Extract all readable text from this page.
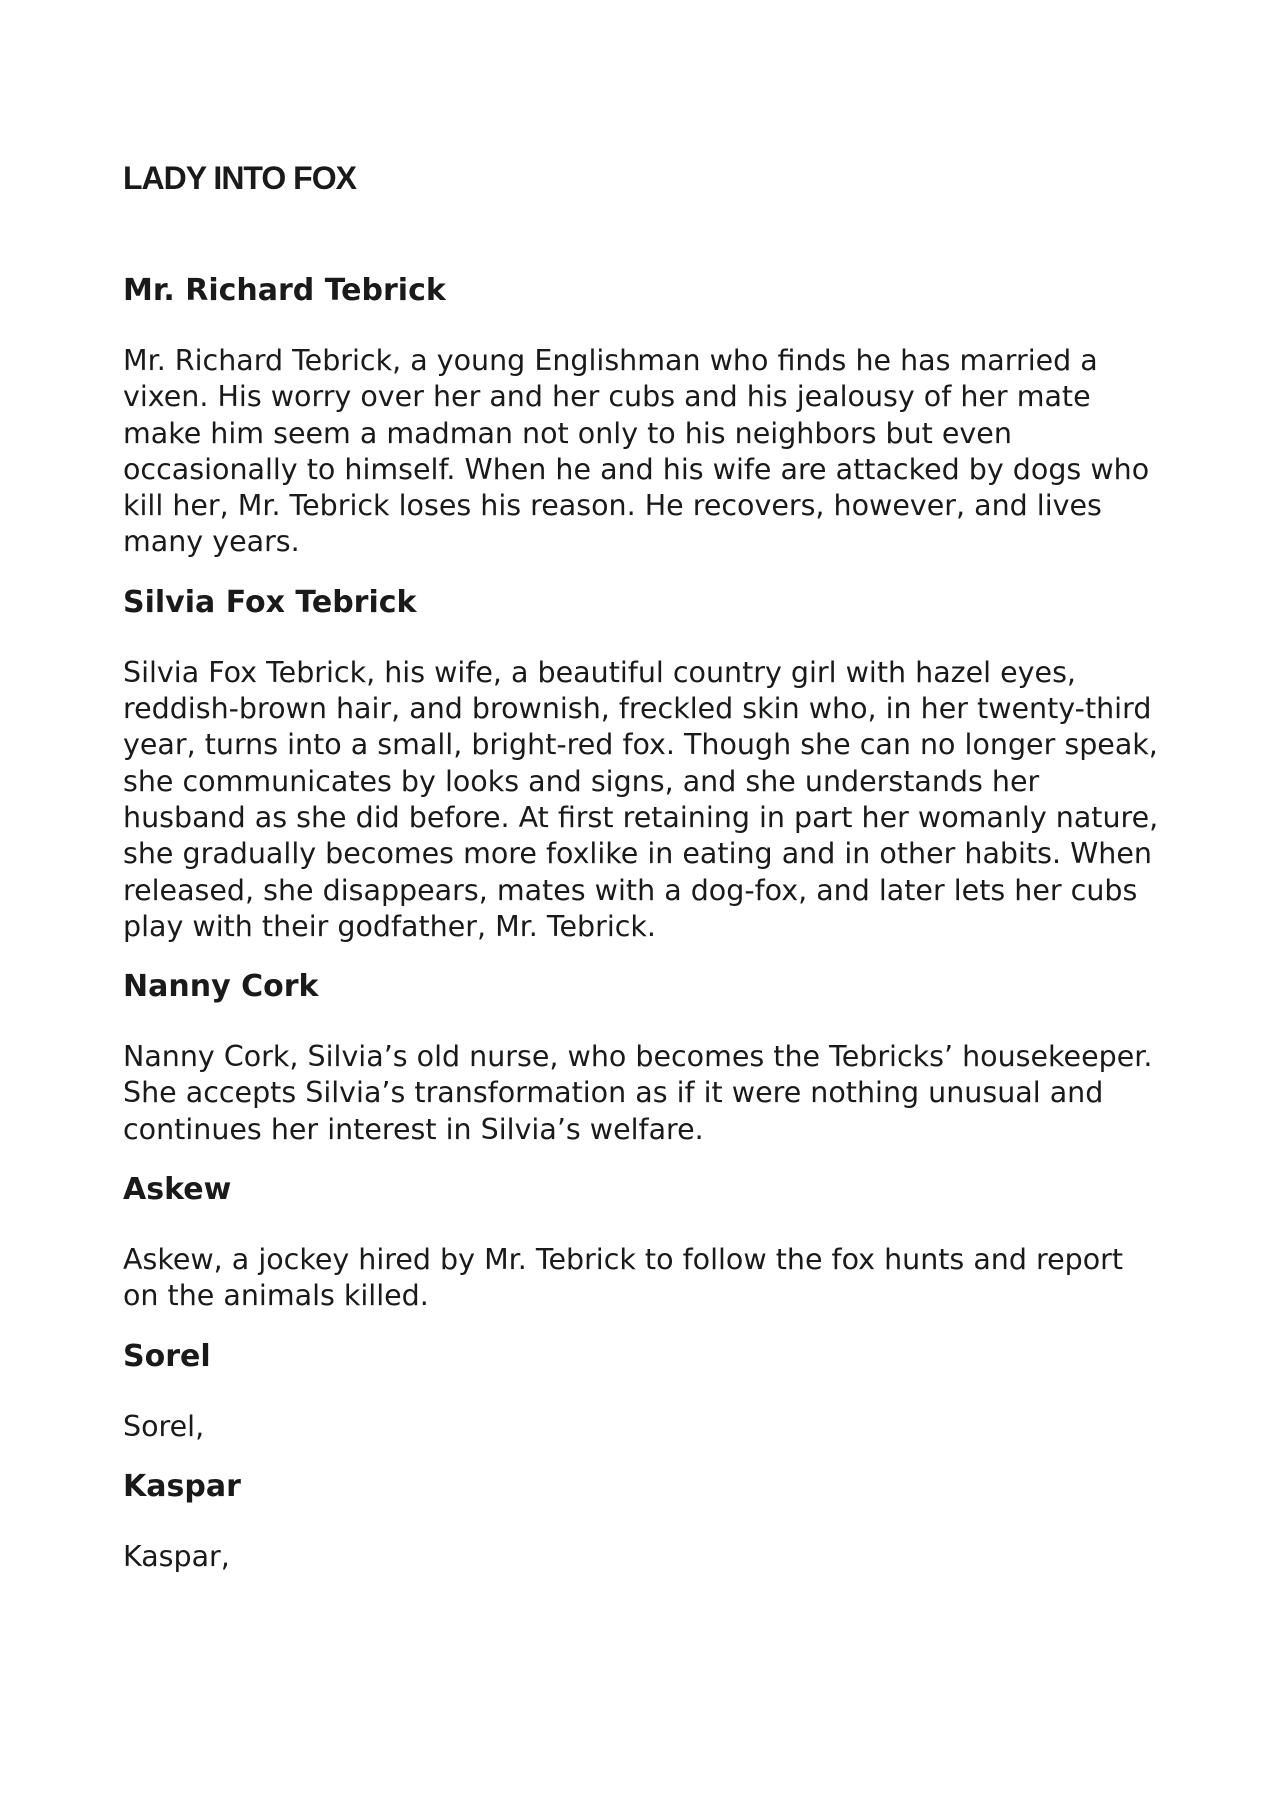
LADY INTO FOX
Mr. Richard Tebrick

Mr. Richard Tebrick, a young Englishman who finds he has married a vixen. His worry over her and her cubs and his jealousy of her mate make him seem a madman not only to his neighbors but even occasionally to himself. When he and his wife are attacked by dogs who kill her, Mr. Tebrick loses his reason. He recovers, however, and lives many years.

Silvia Fox Tebrick

Silvia Fox Tebrick, his wife, a beautiful country girl with hazel eyes, reddish-brown hair, and brownish, freckled skin who, in her twenty-third year, turns into a small, bright-red fox. Though she can no longer speak, she communicates by looks and signs, and she understands her husband as she did before. At first retaining in part her womanly nature, she gradually becomes more foxlike in eating and in other habits. When released, she disappears, mates with a dog-fox, and later lets her cubs play with their godfather, Mr. Tebrick.

Nanny Cork

Nanny Cork, Silvia’s old nurse, who becomes the Tebricks’ housekeeper. She accepts Silvia’s transformation as if it were nothing unusual and continues her interest in Silvia’s welfare.

Askew

Askew, a jockey hired by Mr. Tebrick to follow the fox hunts and report on the animals killed.

Sorel

Sorel,

Kaspar

Kaspar,
